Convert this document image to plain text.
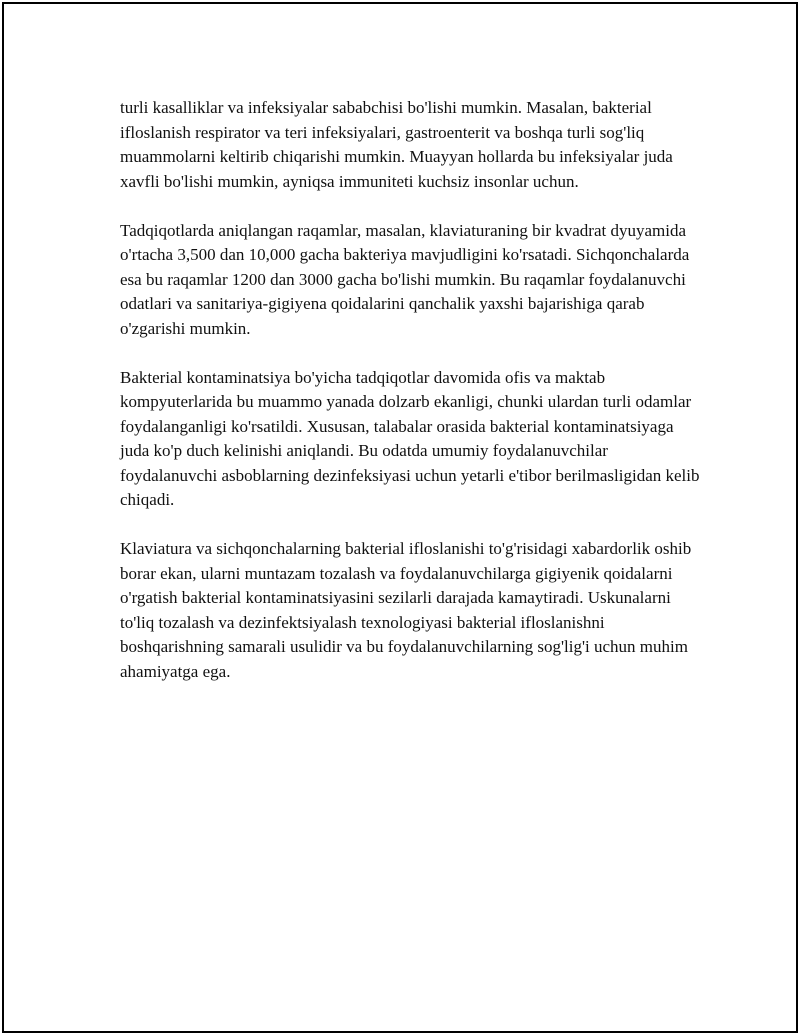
turli kasalliklar va infeksiyalar sababchisi bo'lishi mumkin. Masalan, bakterial ifloslanish respirator va teri infeksiyalari, gastroenterit va boshqa turli sog'liq muammolarni keltirib chiqarishi mumkin. Muayyan hollarda bu infeksiyalar juda xavfli bo'lishi mumkin, ayniqsa immuniteti kuchsiz insonlar uchun.

Tadqiqotlarda aniqlangan raqamlar, masalan, klaviaturaning bir kvadrat dyuyamida o'rtacha 3,500 dan 10,000 gacha bakteriya mavjudligini ko'rsatadi. Sichqonchalarda esa bu raqamlar 1200 dan 3000 gacha bo'lishi mumkin. Bu raqamlar foydalanuvchi odatlari va sanitariya-gigiyena qoidalarini qanchalik yaxshi bajarishiga qarab o'zgarishi mumkin.

Bakterial kontaminatsiya bo'yicha tadqiqotlar davomida ofis va maktab kompyuterlarida bu muammo yanada dolzarb ekanligi, chunki ulardan turli odamlar foydalanganligi ko'rsatildi. Xususan, talabalar orasida bakterial kontaminatsiyaga juda ko'p duch kelinishi aniqlandi. Bu odatda umumiy foydalanuvchilar foydalanuvchi asboblarning dezinfeksiyasi uchun yetarli e'tibor berilmasligidan kelib chiqadi.

Klaviatura va sichqonchalarning bakterial ifloslanishi to'g'risidagi xabardorlik oshib borar ekan, ularni muntazam tozalash va foydalanuvchilarga gigiyenik qoidalarni o'rgatish bakterial kontaminatsiyasini sezilarli darajada kamaytiradi. Uskunalarni to'liq tozalash va dezinfektsiyalash texnologiyasi bakterial ifloslanishni boshqarishning samarali usulidir va bu foydalanuvchilarning sog'lig'i uchun muhim ahamiyatga ega.
